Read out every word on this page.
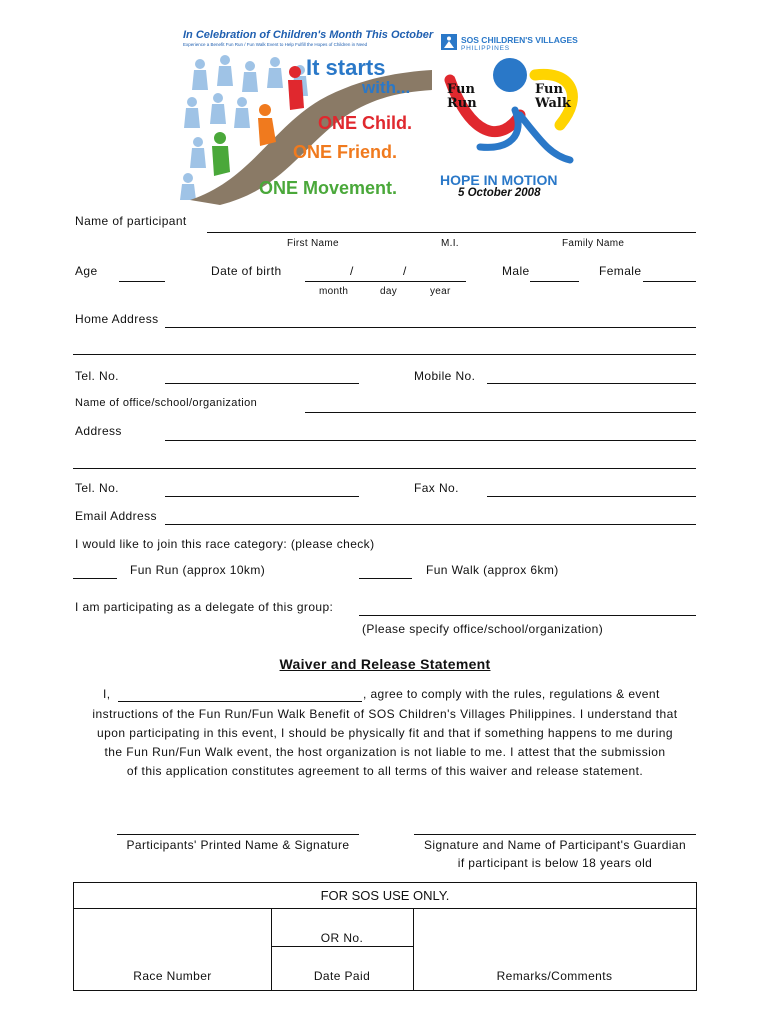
In Celebration of Children's Month This October
Experience a Benefit Fun Run / Fun Walk Event to Help Fulfill the Hopes of Children in Need	SOS CHILDREN'S VILLAGES
PHILIPPINES
It starts
with...
ONE Child.
ONE Friend.
ONE Movement.
Fun
Run
Fun
Walk
HOPE IN MOTION
5 October 2008
Name of participant
First Name	M.I.	Family Name
Age	Date of birth	/	/
month	day	year
Male	Female
Home Address
Tel. No.	Mobile No.
Name of office/school/organization
Address
Tel. No.	Fax No.
Email Address
I would like to join this race category: (please check)
Fun Run (approx 10km)	Fun Walk (approx 6km)
I am participating as a delegate of this group:
(Please specify office/school/organization)
Waiver and Release Statement
I,	, agree to comply with the rules, regulations & event
instructions of the Fun Run/Fun Walk Benefit of SOS Children's Villages Philippines. I understand that
upon participating in this event, I should be physically fit and that if something happens to me during
the Fun Run/Fun Walk event, the host organization is not liable to me. I attest that the submission
of this application constitutes agreement to all terms of this waiver and release statement.
Participants' Printed Name & Signature	Signature and Name of Participant's Guardian
if participant is below 18 years old
FOR SOS USE ONLY.
OR No.
Race Number	Date Paid	Remarks/Comments
